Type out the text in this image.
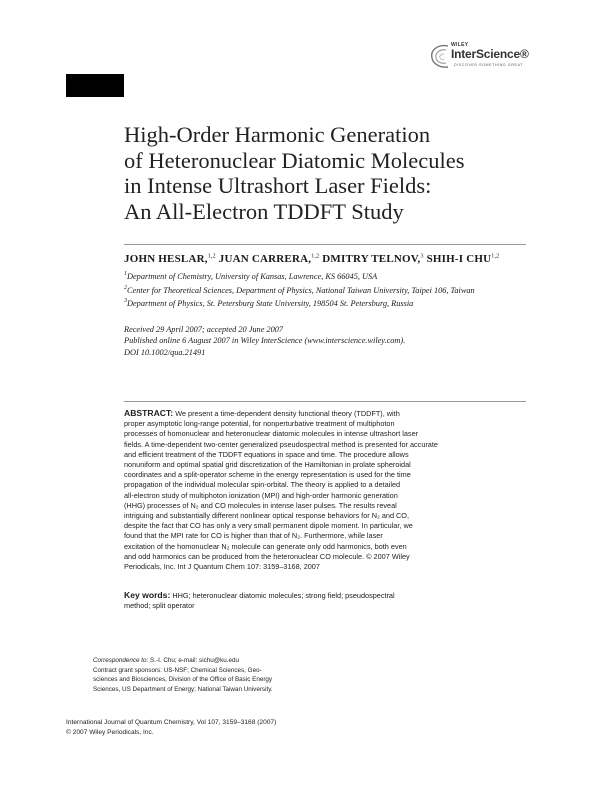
WILEY
InterScience®
DISCOVER SOMETHING GREAT
High-Order Harmonic Generation
of Heteronuclear Diatomic Molecules
in Intense Ultrashort Laser Fields:
An All-Electron TDDFT Study
JOHN HESLAR,$^{1,2}$ JUAN CARRERA,$^{1,2}$ DMITRY TELNOV,$^3$ SHIH-I CHU$^{1,2}$
$^1$Department of Chemistry, University of Kansas, Lawrence, KS 66045, USA
$^2$Center for Theoretical Sciences, Department of Physics, National Taiwan University, Taipei 106, Taiwan
$^3$Department of Physics, St. Petersburg State University, 198504 St. Petersburg, Russia
Received 29 April 2007; accepted 20 June 2007
Published online 6 August 2007 in Wiley InterScience (www.interscience.wiley.com).
DOI 10.1002/qua.21491
ABSTRACT: We present a time-dependent density functional theory (TDDFT), with
proper asymptotic long-range potential, for nonperturbative treatment of multiphoton
processes of homonuclear and heteronuclear diatomic molecules in intense ultrashort laser
fields. A time-dependent two-center generalized pseudospectral method is presented for accurate
and efficient treatment of the TDDFT equations in space and time. The procedure allows
nonuniform and optimal spatial grid discretization of the Hamiltonian in prolate spheroidal
coordinates and a split-operator scheme in the energy representation is used for the time
propagation of the individual molecular spin-orbital. The theory is applied to a detailed
all-electron study of multiphoton ionization (MPI) and high-order harmonic generation
(HHG) processes of N₂ and CO molecules in intense laser pulses. The results reveal
intriguing and substantially different nonlinear optical response behaviors for N₂ and CO,
despite the fact that CO has only a very small permanent dipole moment. In particular, we
found that the MPI rate for CO is higher than that of N₂. Furthermore, while laser
excitation of the homonuclear N₂ molecule can generate only odd harmonics, both even
and odd harmonics can be produced from the heteronuclear CO molecule. © 2007 Wiley
Periodicals, Inc. Int J Quantum Chem 107: 3159–3168, 2007
Key words: HHG; heteronuclear diatomic molecules; strong field; pseudospectral
method; split operator
Correspondence to: S.-I. Chu; e-mail: sichu@ku.edu
Contract grant sponsors: US-NSF; Chemical Sciences, Geo-
sciences and Biosciences, Division of the Office of Basic Energy
Sciences, US Department of Energy; National Taiwan University.
International Journal of Quantum Chemistry, Vol 107, 3159–3168 (2007)
© 2007 Wiley Periodicals, Inc.
